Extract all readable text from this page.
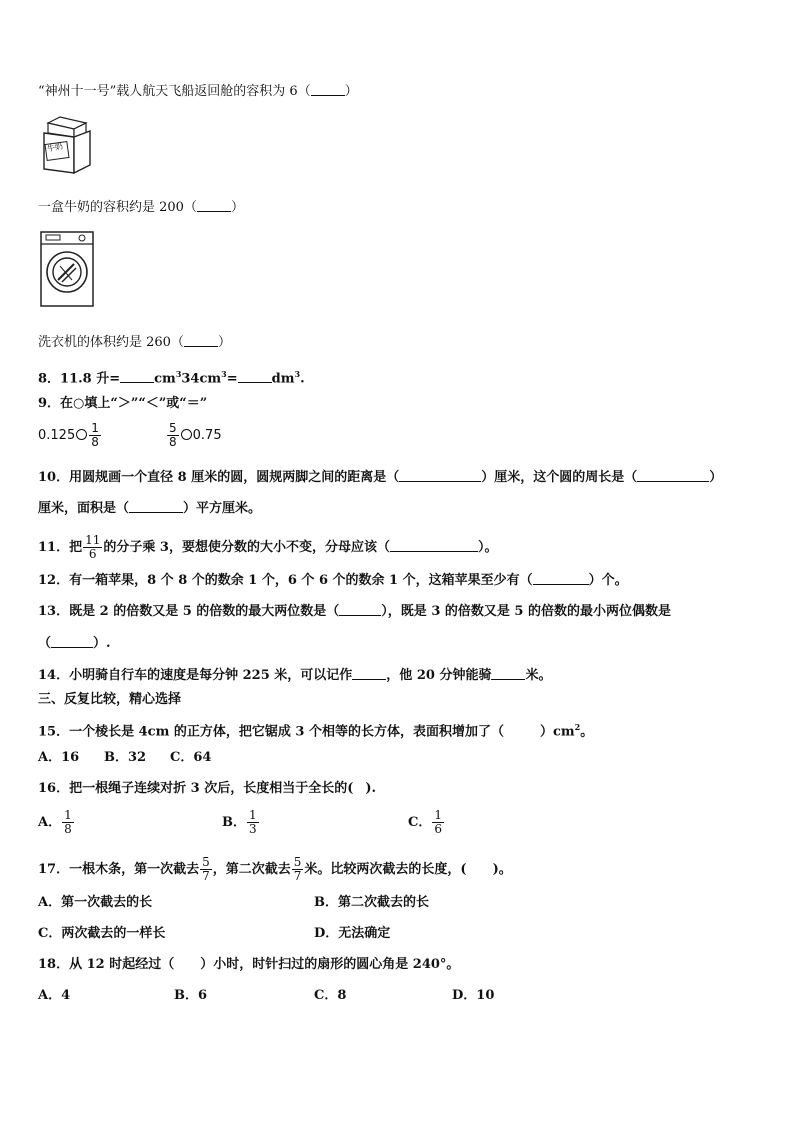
“神州十一号”载人航天飞船返回舱的容积为 6（	）
牛奶
一盒牛奶的容积约是 200（	）
洗衣机的体积约是 260（	）
8．11.8 升=	$cm^334cm^3=$	$dm^3$.
9．在○填上“＞”“＜”或“＝”
$0.125 \frac{1}{8}$	$\frac{5}{8} 0.75$
10．用圆规画一个直径 8 厘米的圆，圆规两脚之间的距离是（	）厘米，这个圆的周长是（	）
厘米，面积是（	）平方厘米。
11．把 $\frac{11}{6}$ 的分子乘 3，要想使分数的大小不变，分母应该（	）。
12．有一箱苹果，8 个 8 个的数余 1 个，6 个 6 个的数余 1 个，这箱苹果至少有（	）个。
13．既是 2 的倍数又是 5 的倍数的最大两位数是（	），既是 3 的倍数又是 5 的倍数的最小两位偶数是
（	）.
14．小明骑自行车的速度是每分钟 225 米，可以记作	，他 20 分钟能骑	米。
三、反复比较，精心选择
15．一个棱长是 4cm 的正方体，把它锯成 3 个相等的长方体，表面积增加了（	）$cm^2$。
A．16 B．32 C．64
16．把一根绳子连续对折 3 次后，长度相当于全长的( ).
A． $\frac{1}{8}$	B． $\frac{1}{3}$	C． $\frac{1}{6}$
17．一根木条，第一次截去 $\frac{5}{7}$ ，第二次截去 $\frac{5}{7}$ 米。比较两次截去的长度，( )。
A．第一次截去的长	B．第二次截去的长
C．两次截去的一样长	D．无法确定
18．从 12 时起经过（ ）小时，时针扫过的扇形的圆心角是 240°。
A．4	B．6	C．8	D．10
